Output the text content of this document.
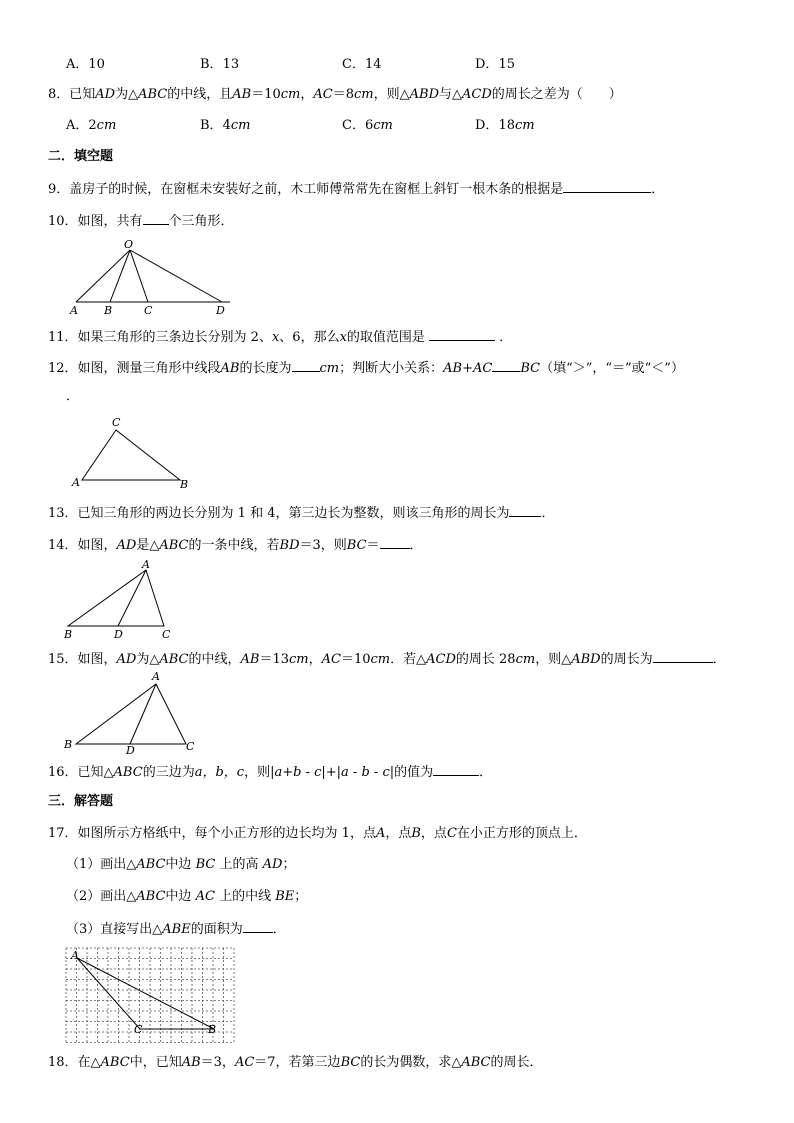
A．10	B．13	C．14	D．15
8．已知AD为△ABC的中线，且AB＝10cm，AC＝8cm，则△ABD与△ACD的周长之差为（　　）
A．2cm	B．4cm	C．6cm	D．18cm
二．填空题
9．盖房子的时候，在窗框未安装好之前，木工师傅常常先在窗框上斜钉一根木条的根据是	．
10．如图，共有 个三角形．
O
A B	C	D
11．如果三角形的三条边长分别为 2、x、6，那么x的取值范围是	．
12．如图，测量三角形中线段AB的长度为 cm；判断大小关系：AB+AC BC（填“＞”，“＝”或“＜”）
．
C
A	B
13．已知三角形的两边长分别为 1 和 4，第三边长为整数，则该三角形的周长为 ．
14．如图，AD是△ABC的一条中线，若BD＝3，则BC＝ ．
A
B	D	C
15．如图，AD为△ABC的中线，AB＝13cm，AC＝10cm．若△ACD的周长 28cm，则△ABD的周长为	．
A
B	D	C
16．已知△ABC的三边为a，b，c，则|a+b - c|+|a - b - c|的值为	．
三．解答题
17．如图所示方格纸中，每个小正方形的边长均为 1，点A，点B，点C在小正方形的顶点上．
（1）画出△ABC中边 BC 上的高 AD；
（2）画出△ABC中边 AC 上的中线 BE；
（3）直接写出△ABE的面积为 ．
A
C	B
18．在△ABC中，已知AB＝3，AC＝7，若第三边BC的长为偶数，求△ABC的周长．
